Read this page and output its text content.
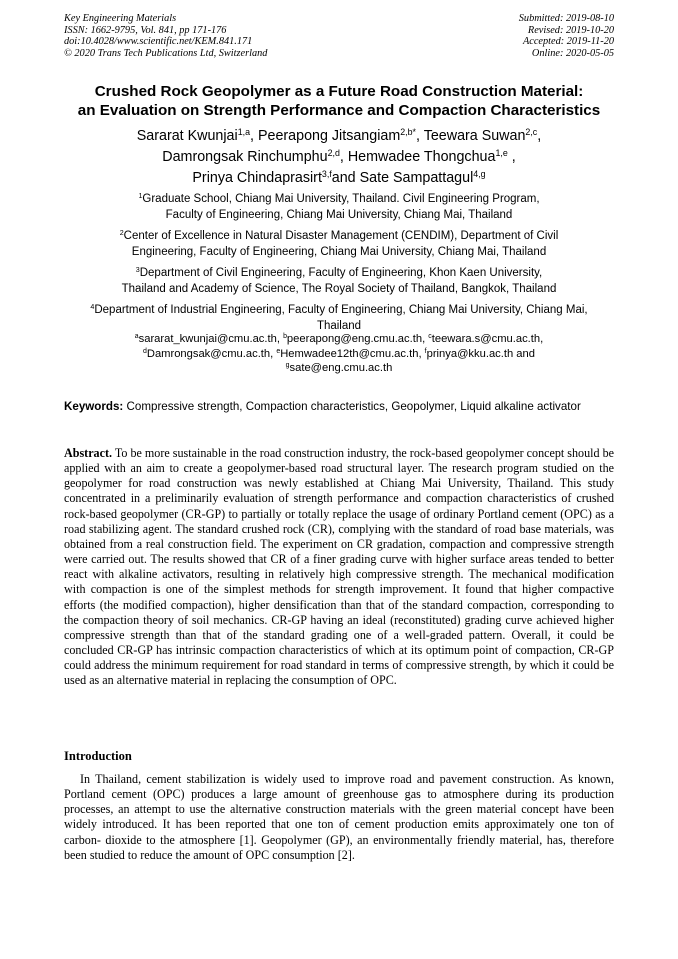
Key Engineering Materials
ISSN: 1662-9795, Vol. 841, pp 171-176
doi:10.4028/www.scientific.net/KEM.841.171
© 2020 Trans Tech Publications Ltd, Switzerland
Submitted: 2019-08-10
Revised: 2019-10-20
Accepted: 2019-11-20
Online: 2020-05-05
Crushed Rock Geopolymer as a Future Road Construction Material:
an Evaluation on Strength Performance and Compaction Characteristics
Sararat Kwunjai$^{1,a}$, Peerapong Jitsangiam$^{2,b*}$, Teewara Suwan$^{2,c}$,
Damrongsak Rinchumphu$^{2,d}$, Hemwadee Thongchua$^{1,e}$ ,
Prinya Chindaprasirt$^{3,f}$and Sate Sampattagul$^{4,g}$
$^1$Graduate School, Chiang Mai University, Thailand. Civil Engineering Program,
Faculty of Engineering, Chiang Mai University, Chiang Mai, Thailand
$^2$Center of Excellence in Natural Disaster Management (CENDIM), Department of Civil
Engineering, Faculty of Engineering, Chiang Mai University, Chiang Mai, Thailand
$^3$Department of Civil Engineering, Faculty of Engineering, Khon Kaen University,
Thailand and Academy of Science, The Royal Society of Thailand, Bangkok, Thailand
$^4$Department of Industrial Engineering, Faculty of Engineering, Chiang Mai University, Chiang Mai,
Thailand
$^a$sararat_kwunjai@cmu.ac.th, $^b$peerapong@eng.cmu.ac.th, $^c$teewara.s@cmu.ac.th,
$^d$Damrongsak@cmu.ac.th, $^e$Hemwadee12th@cmu.ac.th, $^f$prinya@kku.ac.th and
$^g$sate@eng.cmu.ac.th
Keywords: Compressive strength, Compaction characteristics, Geopolymer, Liquid alkaline activator
Abstract. To be more sustainable in the road construction industry, the rock-based geopolymer concept should be applied with an aim to create a geopolymer-based road structural layer. The research program studied on the geopolymer for road construction was newly established at Chiang Mai University, Thailand. This study concentrated in a preliminarily evaluation of strength performance and compaction characteristics of crushed rock-based geopolymer (CR-GP) to partially or totally replace the usage of ordinary Portland cement (OPC) as a road stabilizing agent. The standard crushed rock (CR), complying with the standard of road base materials, was obtained from a real construction field. The experiment on CR gradation, compaction and compressive strength were carried out. The results showed that CR of a finer grading curve with higher surface areas tended to better react with alkaline activators, resulting in relatively high compressive strength. The mechanical modification with compaction is one of the simplest methods for strength improvement. It found that higher compactive efforts (the modified compaction), higher densification than that of the standard compaction, corresponding to the compaction theory of soil mechanics. CR-GP having an ideal (reconstituted) grading curve achieved higher compressive strength than that of the standard grading one of a well-graded pattern. Overall, it could be concluded CR-GP has intrinsic compaction characteristics of which at its optimum point of compaction, CR-GP could address the minimum requirement for road standard in terms of compressive strength, by which it could be used as an alternative material in replacing the consumption of OPC.
Introduction
In Thailand, cement stabilization is widely used to improve road and pavement construction. As known, Portland cement (OPC) produces a large amount of greenhouse gas to atmosphere during its production processes, an attempt to use the alternative construction materials with the green material concept have been widely introduced. It has been reported that one ton of cement production emits approximately one ton of carbon- dioxide to the atmosphere [1]. Geopolymer (GP), an environmentally friendly material, has, therefore been studied to reduce the amount of OPC consumption [2].
